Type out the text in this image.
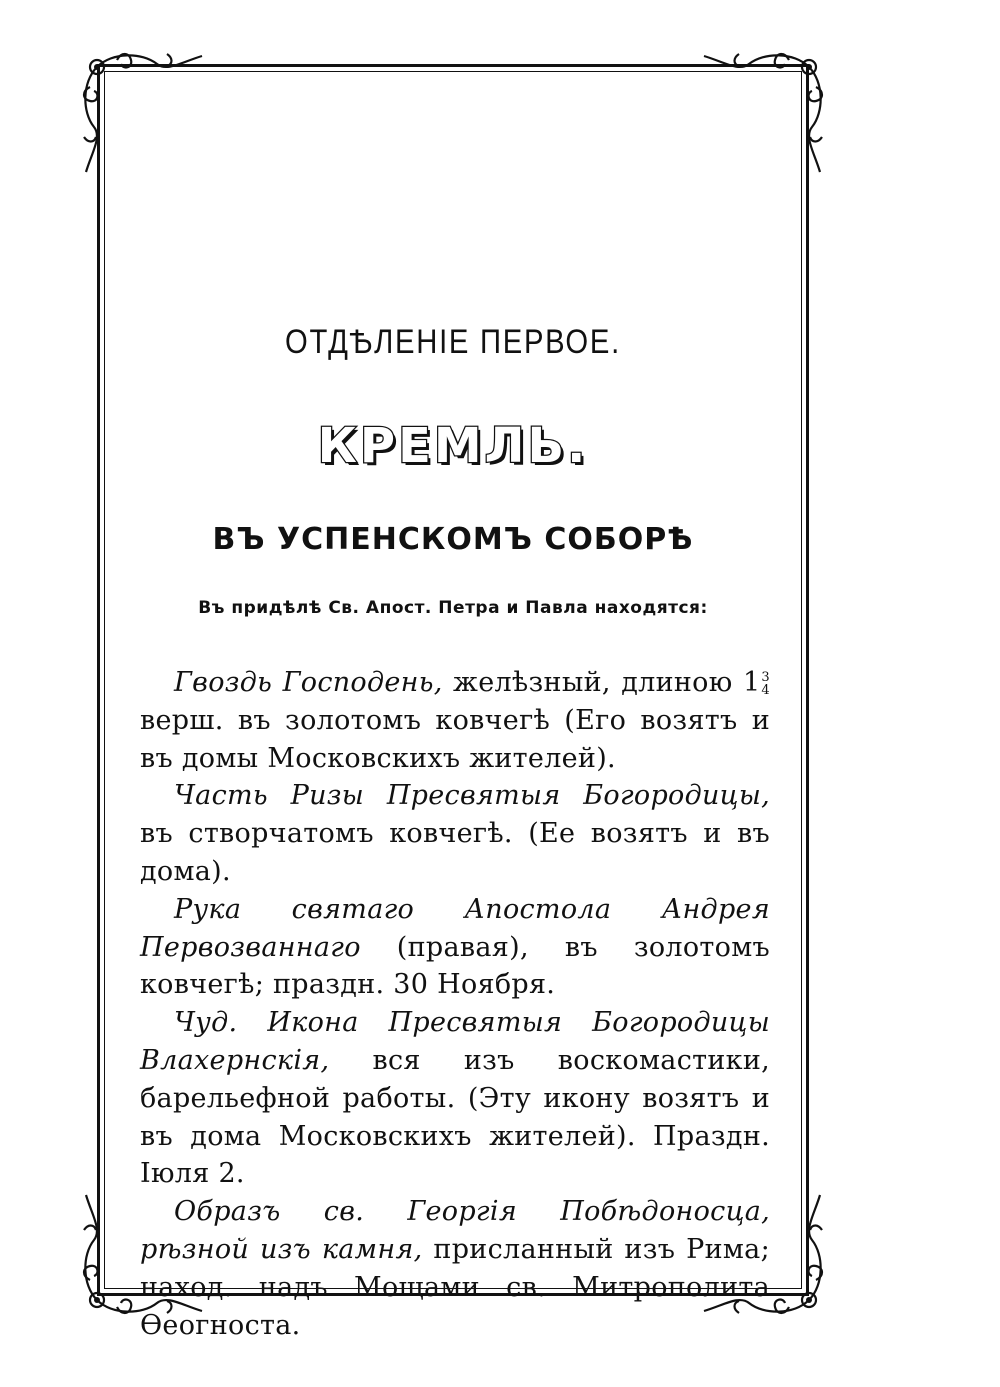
ОТДѢЛЕНІЕ ПЕРВОЕ.
КРЕМЛЬ.
ВЪ УСПЕНСКОМЪ СОБОРѢ
Въ придѣлѣ Св. Апост. Петра и Павла находятся:

Гвоздь Господень, желѣзный, длиною 1 3
4
верш. въ золотомъ ковчегѣ (Его возятъ и въ домы Московскихъ жителей).

Часть Ризы Пресвятыя Богородицы, въ створчатомъ ковчегѣ. (Ее возятъ и въ дома).

Рука святаго Апостола Андрея Первозваннаго (правая), въ золотомъ ковчегѣ; праздн. 30 Ноября.

Чуд. Икона Пресвятыя Богородицы Влахернскія, вся изъ воскомастики, барельефной работы. (Эту икону возятъ и въ дома Московскихъ жителей). Праздн. Іюля 2.

Образъ св. Георгія Побѣдоносца, рѣзной изъ камня, присланный изъ Рима; наход. надъ Мощами св. Митрополита Ѳеогноста.
